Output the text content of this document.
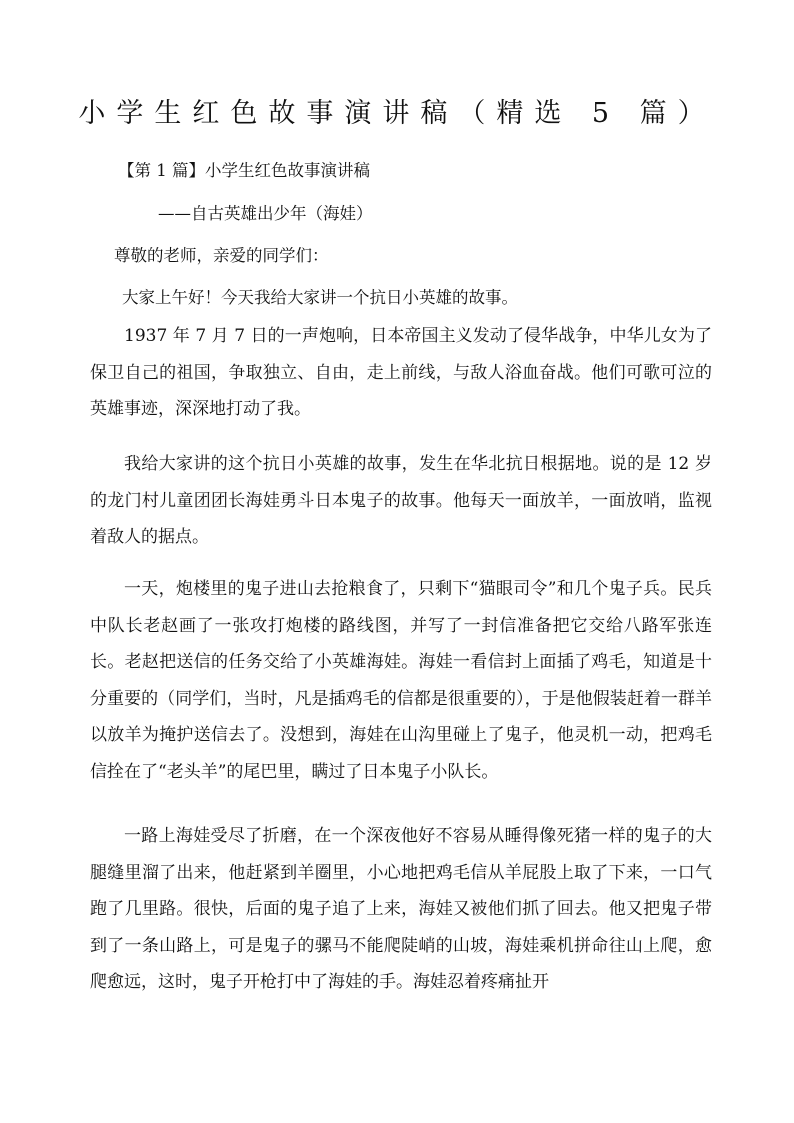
小学生红色故事演讲稿（精选 5 篇）
【第 1 篇】小学生红色故事演讲稿
——自古英雄出少年（海娃）
尊敬的老师，亲爱的同学们：
大家上午好！今天我给大家讲一个抗日小英雄的故事。

1937 年 7 月 7 日的一声炮响，日本帝国主义发动了侵华战争，中华儿女为了保卫自己的祖国，争取独立、自由，走上前线，与敌人浴血奋战。他们可歌可泣的英雄事迹，深深地打动了我。

我给大家讲的这个抗日小英雄的故事，发生在华北抗日根据地。说的是 12 岁的龙门村儿童团团长海娃勇斗日本鬼子的故事。他每天一面放羊，一面放哨，监视着敌人的据点。

一天，炮楼里的鬼子进山去抢粮食了，只剩下“猫眼司令”和几个鬼子兵。民兵中队长老赵画了一张攻打炮楼的路线图，并写了一封信准备把它交给八路军张连长。老赵把送信的任务交给了小英雄海娃。海娃一看信封上面插了鸡毛，知道是十分重要的（同学们，当时，凡是插鸡毛的信都是很重要的），于是他假装赶着一群羊以放羊为掩护送信去了。没想到，海娃在山沟里碰上了鬼子，他灵机一动，把鸡毛信拴在了“老头羊”的尾巴里，瞒过了日本鬼子小队长。

一路上海娃受尽了折磨，在一个深夜他好不容易从睡得像死猪一样的鬼子的大腿缝里溜了出来，他赶紧到羊圈里，小心地把鸡毛信从羊屁股上取了下来，一口气跑了几里路。很快，后面的鬼子追了上来，海娃又被他们抓了回去。他又把鬼子带到了一条山路上，可是鬼子的骡马不能爬陡峭的山坡，海娃乘机拼命往山上爬，愈爬愈远，这时，鬼子开枪打中了海娃的手。海娃忍着疼痛扯开
